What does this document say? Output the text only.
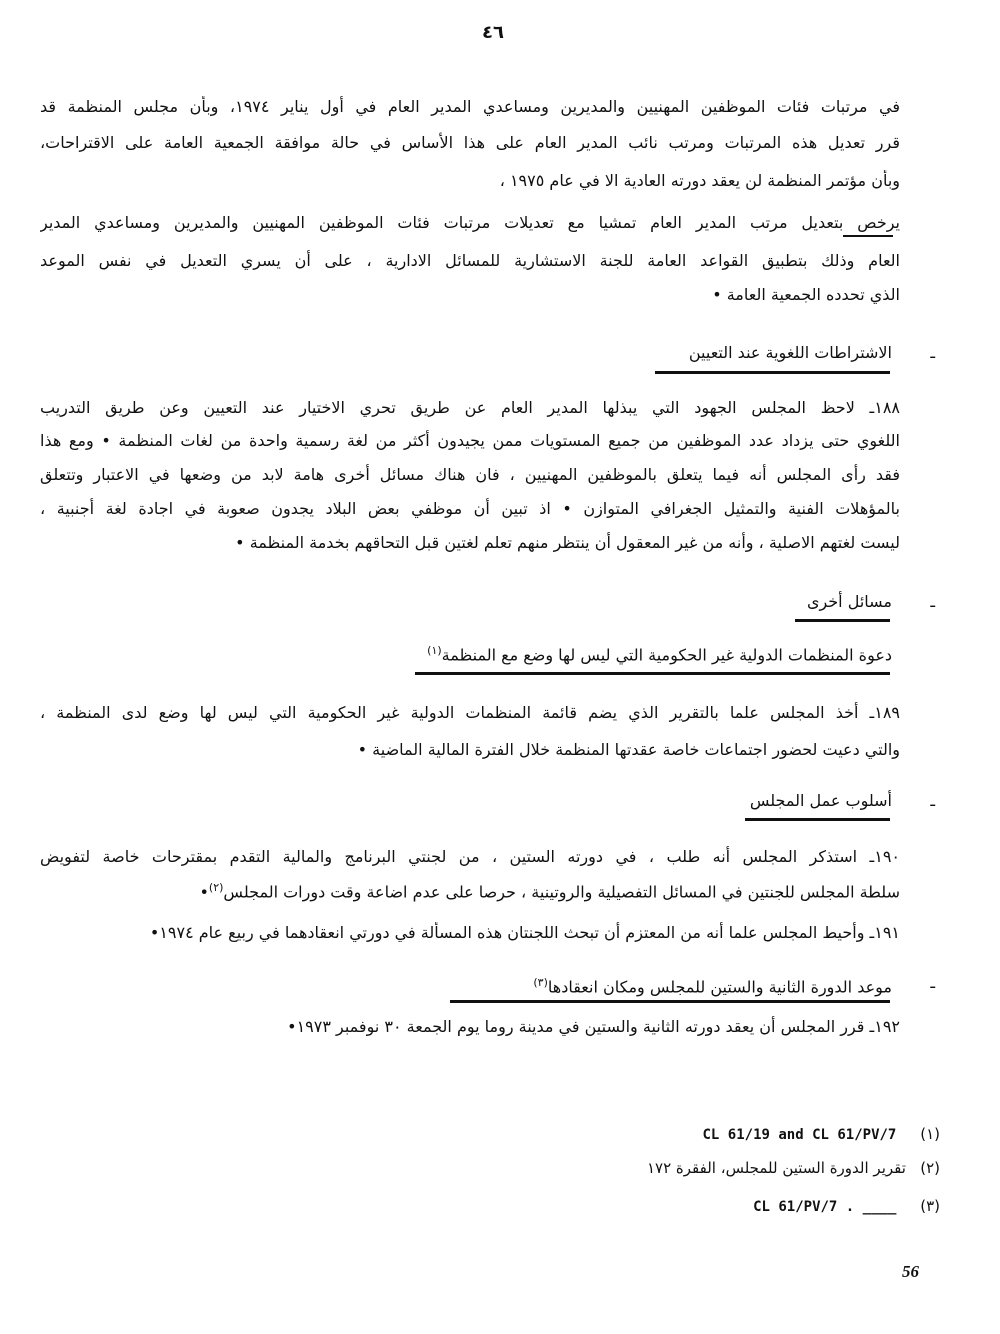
٤٦
في مرتبات فئات الموظفين المهنيين والمديرين ومساعدي المدير العام في أول يناير ١٩٧٤، وبأن مجلس المنظمة قد
قرر تعديل هذه المرتبات ومرتب نائب المدير العام على هذا الأساس في حالة موافقة الجمعية العامة على الاقتراحات،
وبأن مؤتمر المنظمة لن يعقد دورته العادية الا في عام ١٩٧٥ ،
يرخص بتعديل مرتب المدير العام تمشيا مع تعديلات مرتبات فئات الموظفين المهنيين والمديرين ومساعدي المدير
العام وذلك بتطبيق القواعد العامة للجنة الاستشارية للمسائل الادارية ، على أن يسري التعديل في نفس الموعد
الذي تحدده الجمعية العامة •
ـ
الاشتراطات اللغوية عند التعيين
١٨٨ـ لاحظ المجلس الجهود التي يبذلها المدير العام عن طريق تحري الاختيار عند التعيين وعن طريق التدريب
اللغوي حتى يزداد عدد الموظفين من جميع المستويات ممن يجيدون أكثر من لغة رسمية واحدة من لغات المنظمة • ومع هذا
فقد رأى المجلس أنه فيما يتعلق بالموظفين المهنيين ، فان هناك مسائل أخرى هامة لابد من وضعها في الاعتبار وتتعلق
بالمؤهلات الفنية والتمثيل الجغرافي المتوازن • اذ تبين أن موظفي بعض البلاد يجدون صعوبة في اجادة لغة أجنبية ،
ليست لغتهم الاصلية ، وأنه من غير المعقول أن ينتظر منهم تعلم لغتين قبل التحاقهم بخدمة المنظمة •
ـ
مسائل أخرى
دعوة المنظمات الدولية غير الحكومية التي ليس لها وضع مع المنظمة$^{(١)}$
١٨٩ـ أخذ المجلس علما بالتقرير الذي يضم قائمة المنظمات الدولية غير الحكومية التي ليس لها وضع لدى المنظمة ،
والتي دعيت لحضور اجتماعات خاصة عقدتها المنظمة خلال الفترة المالية الماضية •
ـ
أسلوب عمل المجلس
١٩٠ـ استذكر المجلس أنه طلب ، في دورته الستين ، من لجنتي البرنامج والمالية التقدم بمقترحات خاصة لتفويض
سلطة المجلس للجنتين في المسائل التفصيلية والروتينية ، حرصا على عدم اضاعة وقت دورات المجلس$^{(٢)}$•
١٩١ـ وأحيط المجلس علما أنه من المعتزم أن تبحث اللجنتان هذه المسألة في دورتي انعقادهما في ربيع عام ١٩٧٤•
ـ
موعد الدورة الثانية والستين للمجلس ومكان انعقادها$^{(٣)}$
١٩٢ـ قرر المجلس أن يعقد دورته الثانية والستين في مدينة روما يوم الجمعة ٣٠ نوفمبر ١٩٧٣•
(١)     CL 61/19 and CL 61/PV/7
(٢)   تقرير الدورة الستين للمجلس، الفقرة ١٧٢
(٣)     CL 61/PV/7 . ____
56
